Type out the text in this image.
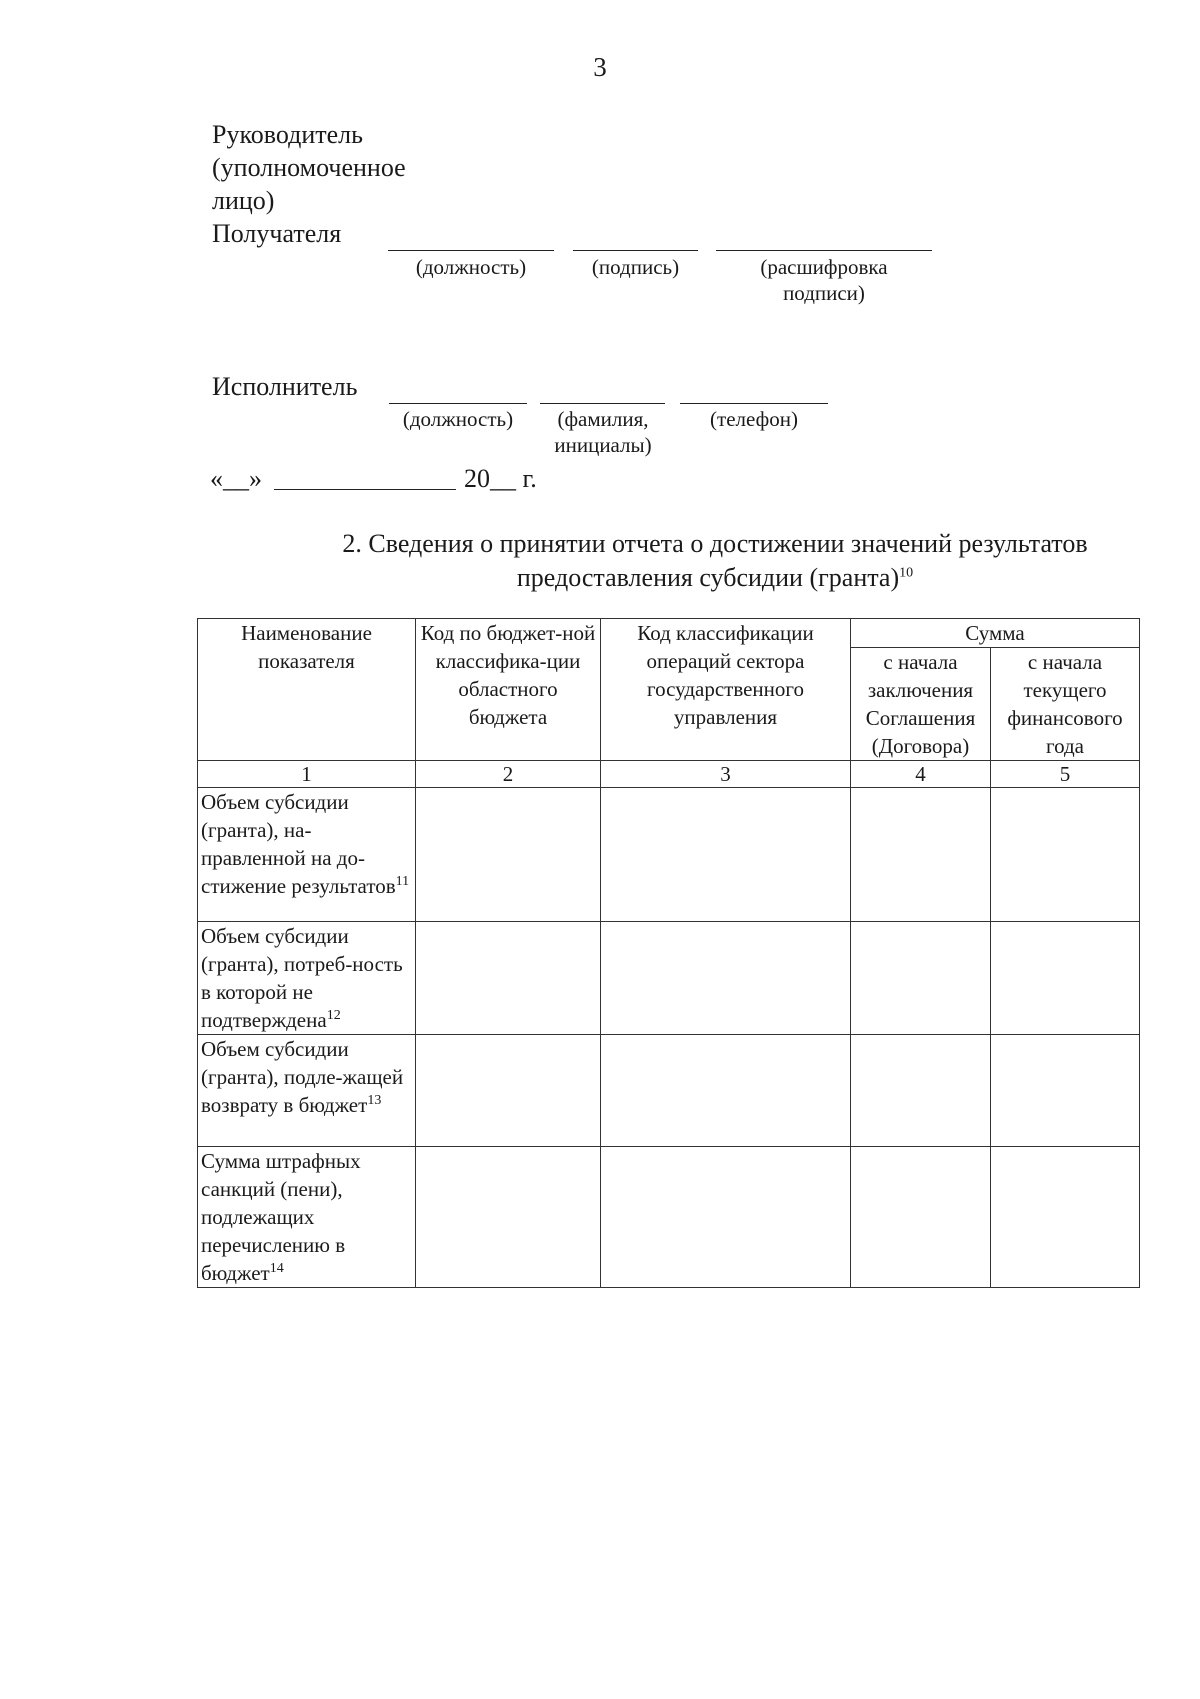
3
Руководитель
(уполномоченное
лицо)
Получателя
(должность)	(подпись)	(расшифровка подписи)
Исполнитель
(должность)	(фамилия, инициалы)
(телефон)
«__»	20__ г.
2. Сведения о принятии отчета о достижении значений результатов
предоставления субсидии (гранта)$^{10}$
Наименование показателя	Код по бюджет-ной классифика-ции областного бюджета	Код классификации операций сектора государственного управления	Сумма	
			с начала заключения Соглашения (Договора)	с начала текущего финансового года
1	2	3	4	5
Объем субсидии (гранта), на-правленной на до-стижение результатов$^{11}$				
Объем субсидии (гранта), потреб-ность в которой не подтверждена$^{12}$				
Объем субсидии (гранта), подле-жащей возврату в бюджет$^{13}$				
Сумма штрафных санкций (пени), подлежащих перечислению в бюджет$^{14}$				
